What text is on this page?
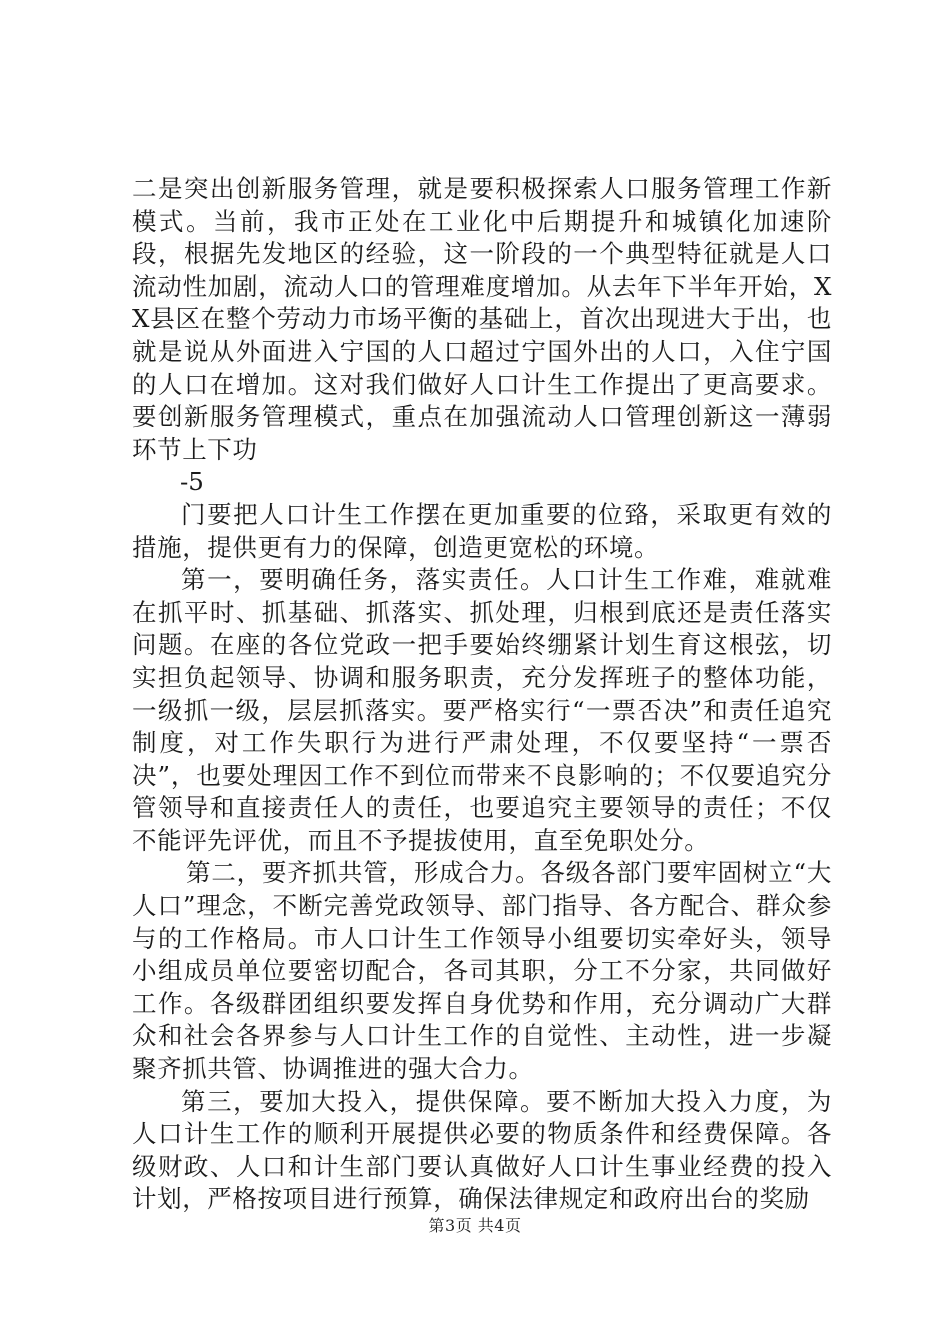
二是突出创新服务管理，就是要积极探索人口服务管理工作新模式。当前，我市正处在工业化中后期提升和城镇化加速阶段，根据先发地区的经验，这一阶段的一个典型特征就是人口流动性加剧，流动人口的管理难度增加。从去年下半年开始，XX县区在整个劳动力市场平衡的基础上，首次出现进大于出，也就是说从外面进入宁国的人口超过宁国外出的人口，入住宁国的人口在增加。这对我们做好人口计生工作提出了更高要求。要创新服务管理模式，重点在加强流动人口管理创新这一薄弱环节上下功

-5

门要把人口计生工作摆在更加重要的位臵，采取更有效的措施，提供更有力的保障，创造更宽松的环境。

第一，要明确任务，落实责任。人口计生工作难，难就难在抓平时、抓基础、抓落实、抓处理，归根到底还是责任落实问题。在座的各位党政一把手要始终绷紧计划生育这根弦，切实担负起领导、协调和服务职责，充分发挥班子的整体功能，一级抓一级，层层抓落实。要严格实行“一票否决”和责任追究制度，对工作失职行为进行严肃处理，不仅要坚持“一票否决”，也要处理因工作不到位而带来不良影响的；不仅要追究分管领导和直接责任人的责任，也要追究主要领导的责任；不仅不能评先评优，而且不予提拔使用，直至免职处分。

第二，要齐抓共管，形成合力。各级各部门要牢固树立“大人口”理念，不断完善党政领导、部门指导、各方配合、群众参与的工作格局。市人口计生工作领导小组要切实牵好头，领导小组成员单位要密切配合，各司其职，分工不分家，共同做好工作。各级群团组织要发挥自身优势和作用，充分调动广大群众和社会各界参与人口计生工作的自觉性、主动性，进一步凝聚齐抓共管、协调推进的强大合力。

第三，要加大投入，提供保障。要不断加大投入力度，为人口计生工作的顺利开展提供必要的物质条件和经费保障。各级财政、人口和计生部门要认真做好人口计生事业经费的投入计划，严格按项目进行预算，确保法律规定和政府出台的奖励

第3页 共4页
